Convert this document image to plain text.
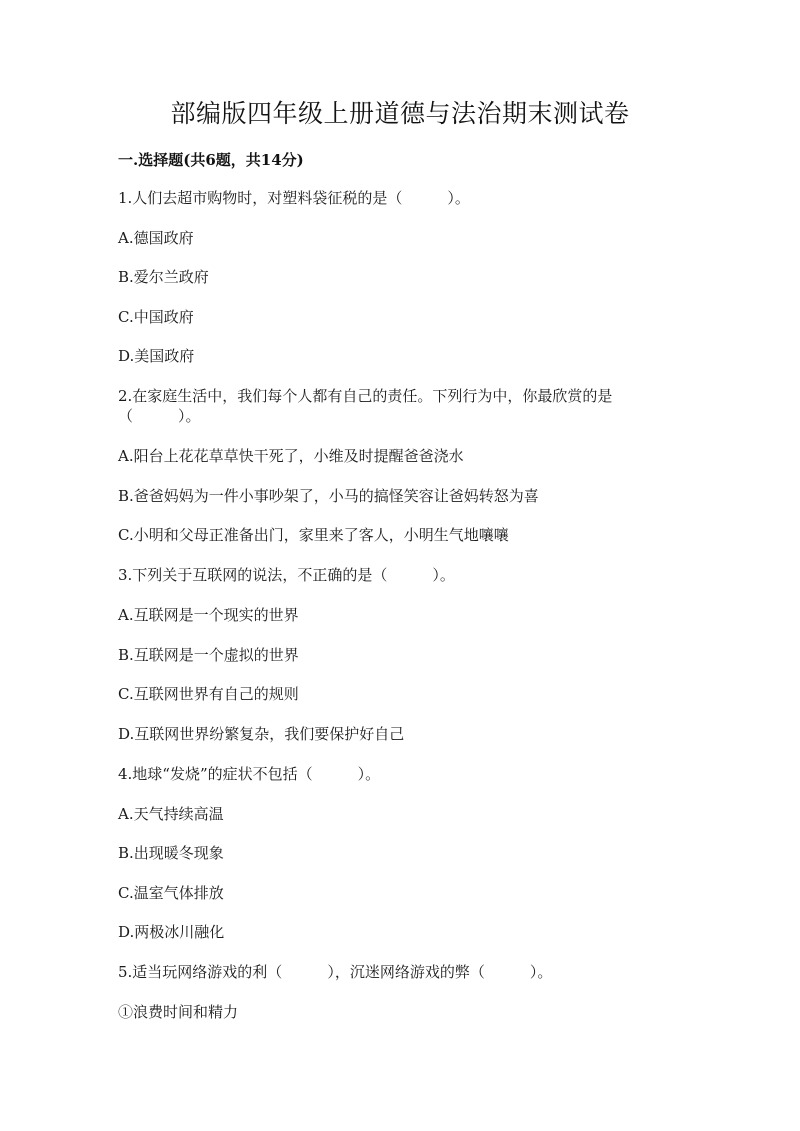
部编版四年级上册道德与法治期末测试卷
一.选择题(共6题，共14分)
1.人们去超市购物时，对塑料袋征税的是（　　　）。
A.德国政府
B.爱尔兰政府
C.中国政府
D.美国政府
2.在家庭生活中，我们每个人都有自己的责任。下列行为中，你最欣赏的是（　　　）。
A.阳台上花花草草快干死了，小维及时提醒爸爸浇水
B.爸爸妈妈为一件小事吵架了，小马的搞怪笑容让爸妈转怒为喜
C.小明和父母正准备出门，家里来了客人，小明生气地嚷嚷
3.下列关于互联网的说法，不正确的是（　　　）。
A.互联网是一个现实的世界
B.互联网是一个虚拟的世界
C.互联网世界有自己的规则
D.互联网世界纷繁复杂，我们要保护好自己
4.地球“发烧”的症状不包括（　　　）。
A.天气持续高温
B.出现暖冬现象
C.温室气体排放
D.两极冰川融化
5.适当玩网络游戏的利（　　　），沉迷网络游戏的弊（　　　）。
①浪费时间和精力
